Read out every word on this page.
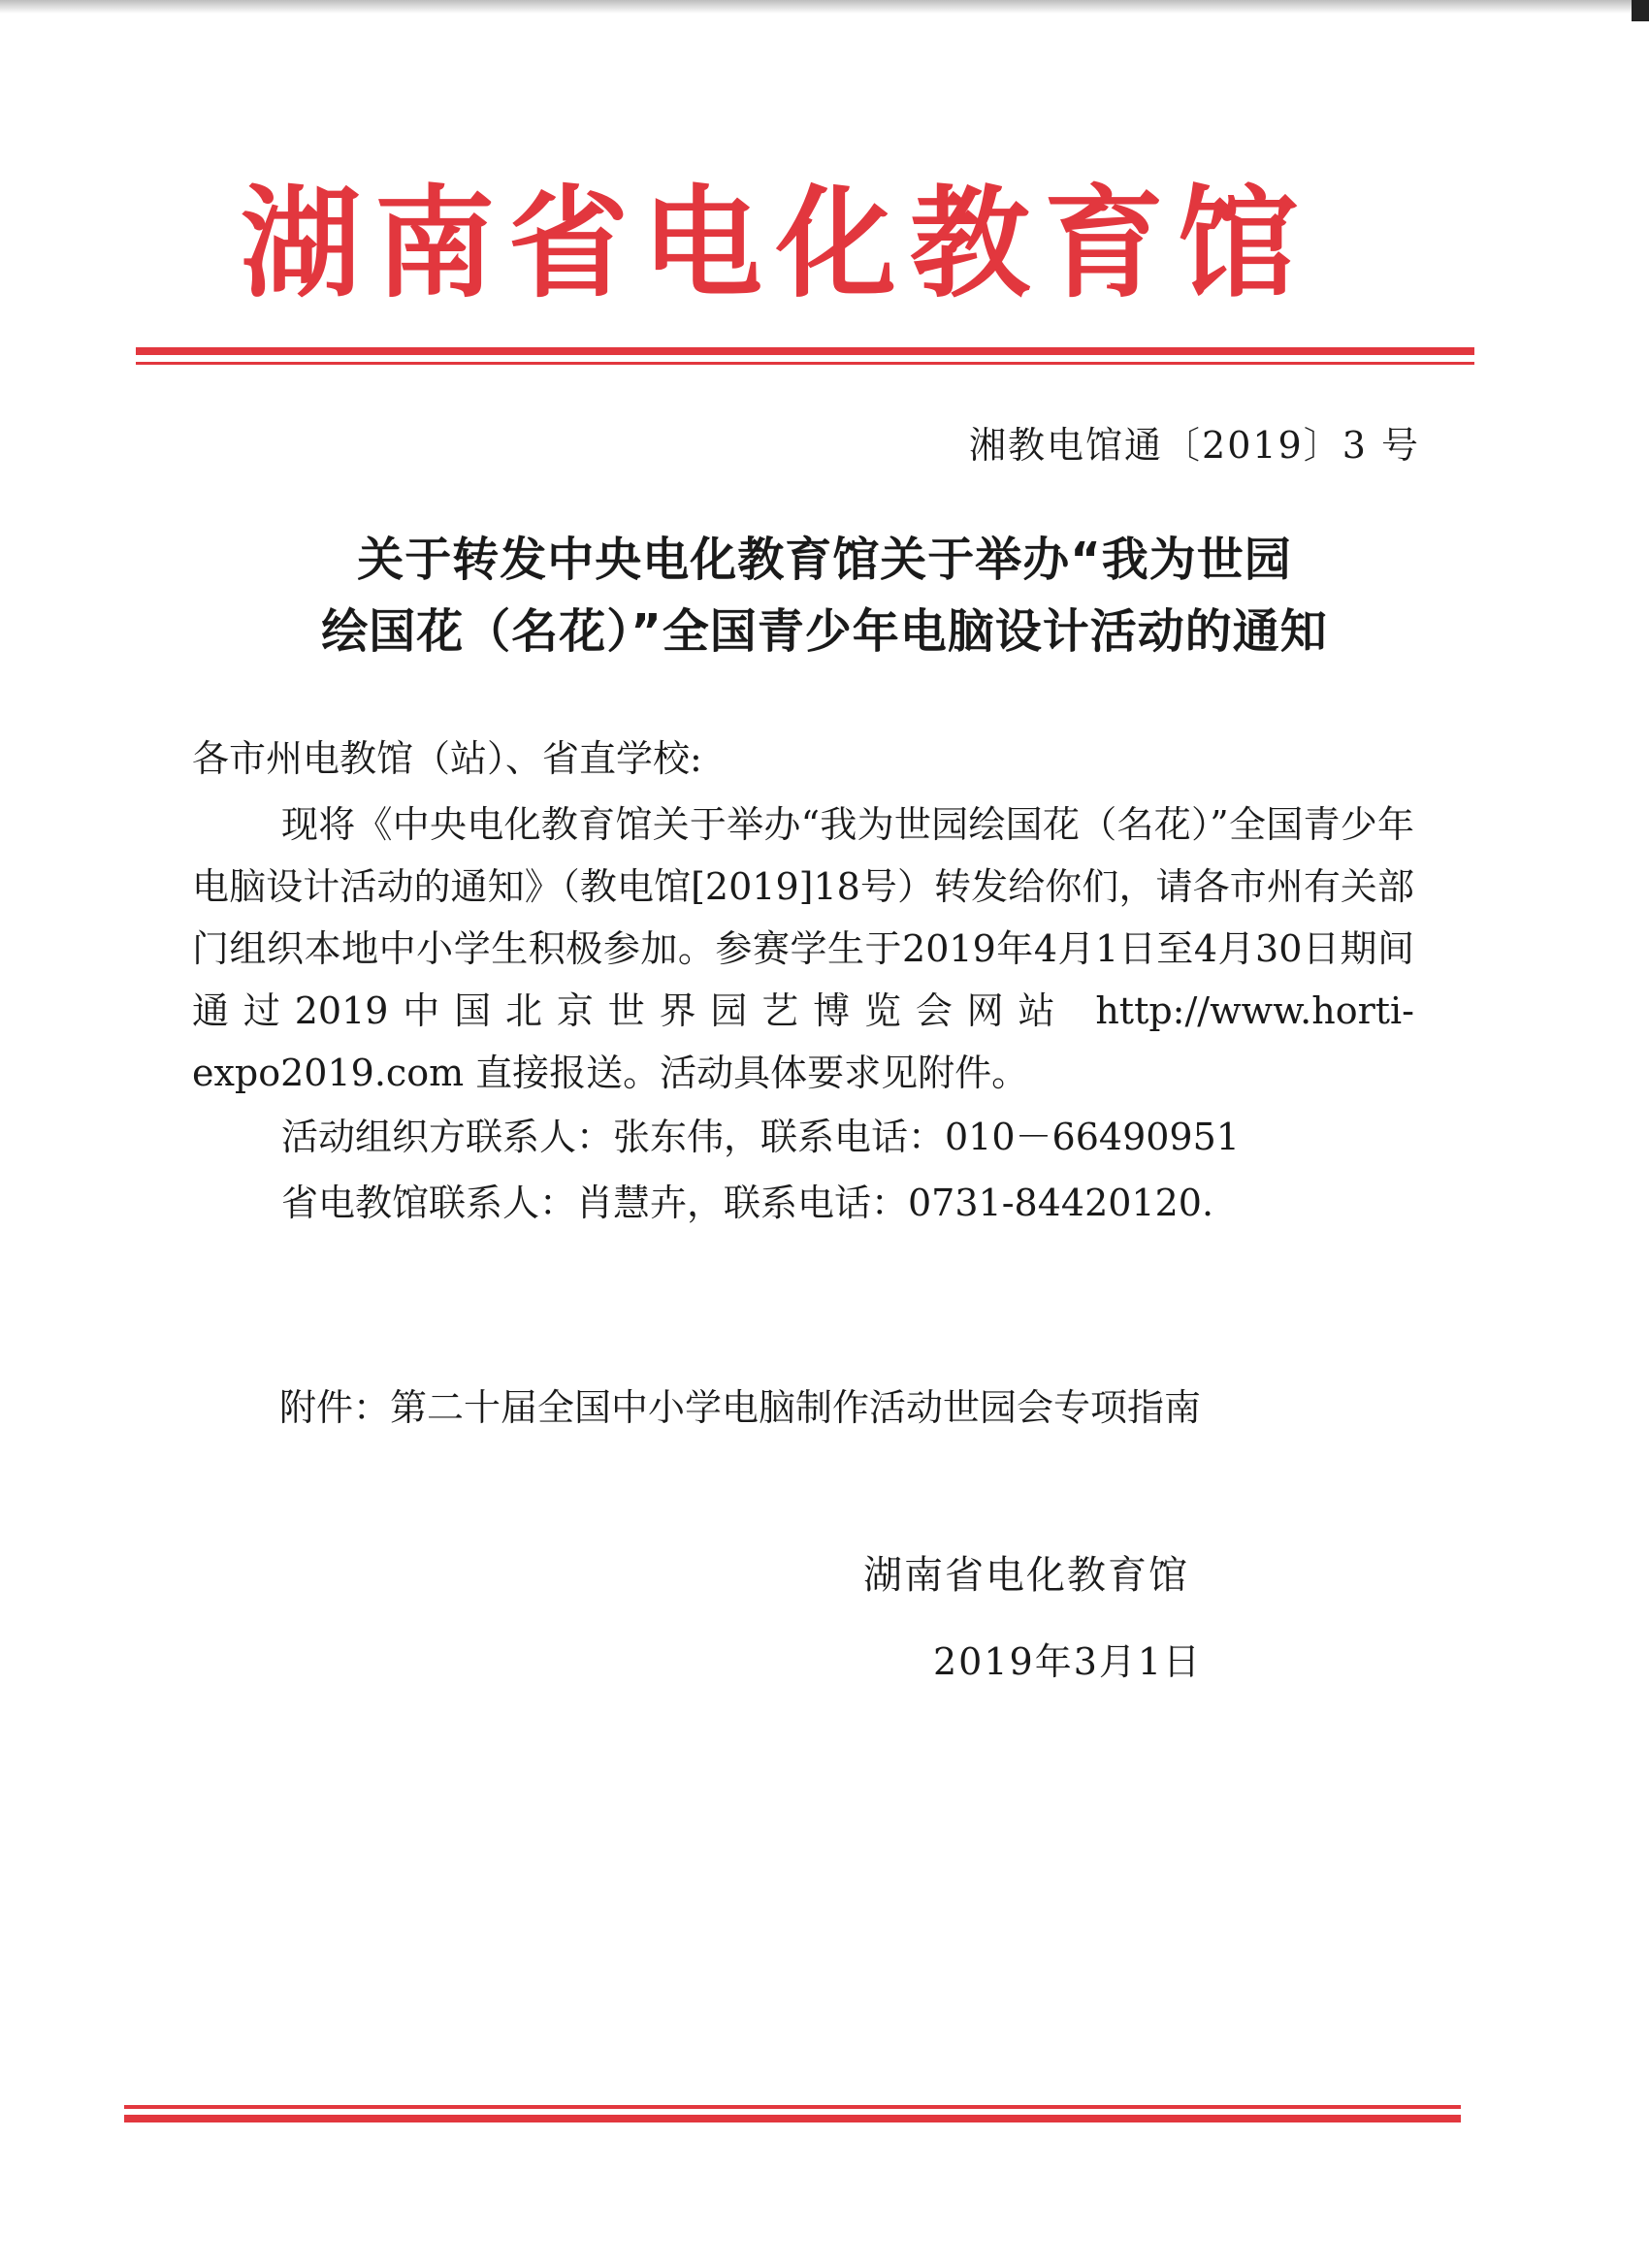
湖南省电化教育馆
湘教电馆通〔2019〕3 号
关于转发中央电化教育馆关于举办“我为世园
绘国花（名花）”全国青少年电脑设计活动的通知

各市州电教馆（站）、省直学校:

现将《中央电化教育馆关于举办“我为世园绘国花（名花）”全国青少年电脑设计活动的通知》（教电馆[2019]18号）转发给你们，请各市州有关部门组织本地中小学生积极参加。参赛学生于2019年4月1日至4月30日期间通过2019中国北京世界园艺博览会网站 http://www.horti-expo2019.com 直接报送。活动具体要求见附件。

活动组织方联系人：张东伟，联系电话：010－66490951

省电教馆联系人：肖慧卉，联系电话：0731-84420120.

附件：第二十届全国中小学电脑制作活动世园会专项指南
湖南省电化教育馆
2019年3月1日
